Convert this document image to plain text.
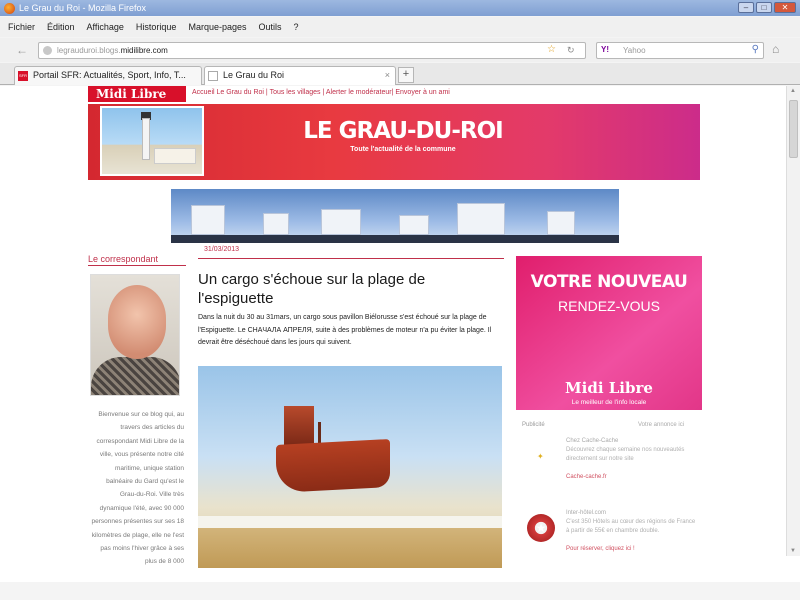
Le Grau du Roi - Mozilla Firefox	–	□	✕
Fichier Édition Affichage Historique Marque-pages Outils ?
←	legrauduroi.blogs.midilibre.com	☆ ↻	Y! Yahoo	⚲ ⌂
SFR Portail SFR: Actualités, Sport, Info, T...	Le Grau du Roi	×	+
Midi Libre	Accueil Le Grau du Roi | Tous les villages | Alerter le modérateur| Envoyer à un ami
LE GRAU-DU-ROI
Toute l'actualité de la commune
Le correspondant
Bienvenue sur ce blog qui, au travers des articles du correspondant Midi Libre de la ville, vous présente notre cité maritime, unique station balnéaire du Gard qu'est le Grau-du-Roi. Ville très dynamique l'été, avec 90 000 personnes présentes sur ses 18 kilomètres de plage, elle ne l'est pas moins l'hiver grâce à ses plus de 8 000
31/03/2013
Un cargo s'échoue sur la plage de l'espiguette
Dans la nuit du 30 au 31mars, un cargo sous pavillon Biélorusse s'est échoué sur la plage de l'Espiguette. Le CHAЧАЛА АПРЕЛЯ, suite à des problèmes de moteur n'a pu éviter la plage. Il devrait être déséchoué dans les jours qui suivent.
VOTRE NOUVEAU
RENDEZ-VOUS
Midi Libre
Le meilleur de l'info locale
Publicité	Votre annonce ici
✦
Chez Cache-Cache
Découvrez chaque semaine nos nouveautés directement sur notre site
Cache-cache.fr
★
Inter-hôtel.com
C'est 350 Hôtels au cœur des régions de France à partir de 55€ en chambre double.
Pour réserver, cliquez ici !
▲
▼
